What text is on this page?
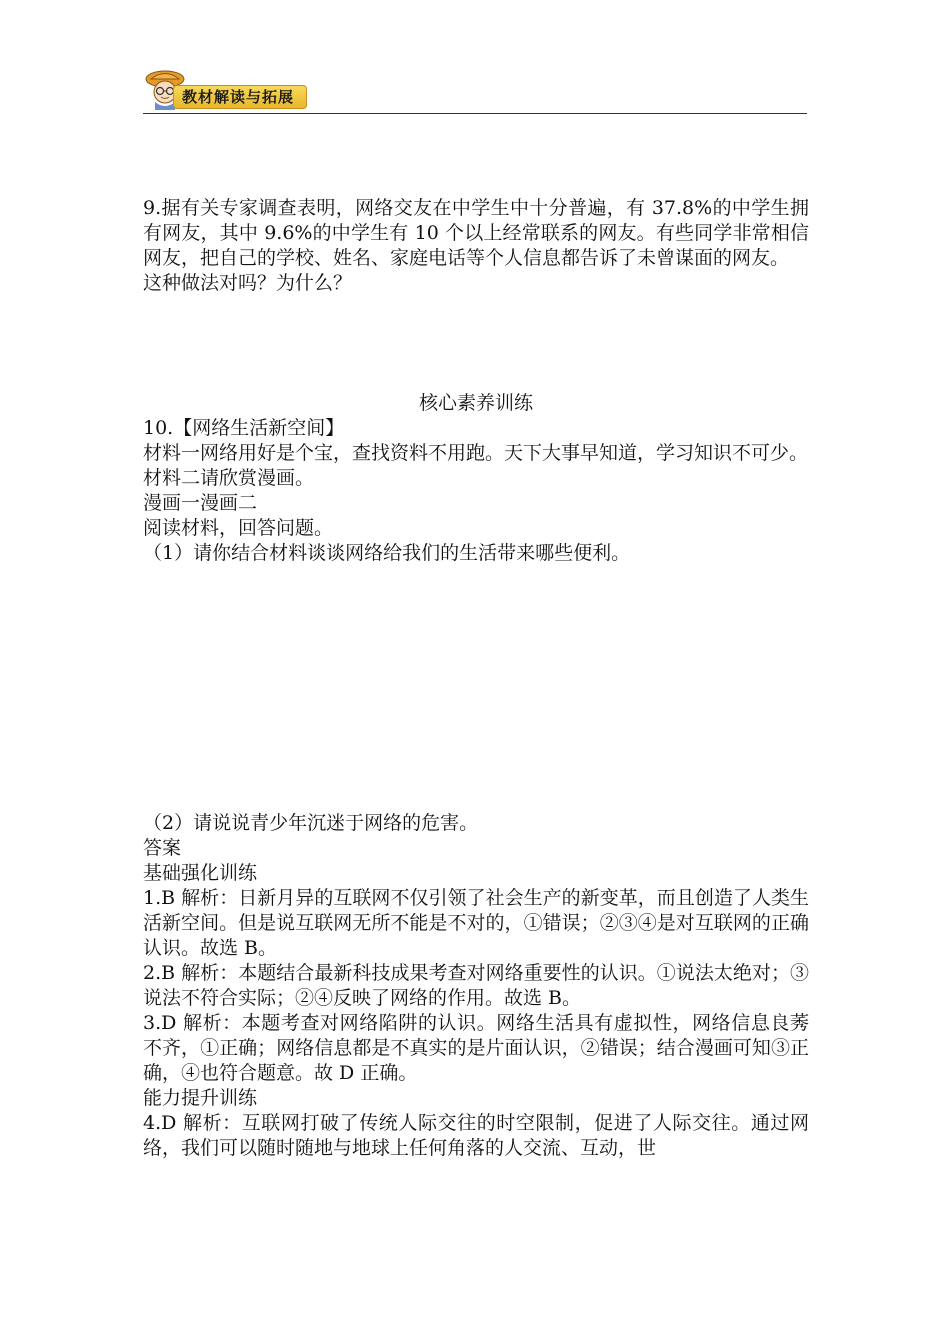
教材解读与拓展

9.据有关专家调查表明，网络交友在中学生中十分普遍，有 37.8%的中学生拥有网友，其中 9.6%的中学生有 10 个以上经常联系的网友。有些同学非常相信网友，把自己的学校、姓名、家庭电话等个人信息都告诉了未曾谋面的网友。

这种做法对吗？为什么？

核心素养训练

10.【网络生活新空间】

材料一网络用好是个宝，查找资料不用跑。天下大事早知道，学习知识不可少。

材料二请欣赏漫画。

漫画一漫画二

阅读材料，回答问题。

（1）请你结合材料谈谈网络给我们的生活带来哪些便利。

（2）请说说青少年沉迷于网络的危害。

答案

基础强化训练

1.B 解析：日新月异的互联网不仅引领了社会生产的新变革，而且创造了人类生活新空间。但是说互联网无所不能是不对的，①错误；②③④是对互联网的正确认识。故选 B。

2.B 解析：本题结合最新科技成果考查对网络重要性的认识。①说法太绝对；③说法不符合实际；②④反映了网络的作用。故选 B。

3.D 解析：本题考查对网络陷阱的认识。网络生活具有虚拟性，网络信息良莠不齐，①正确；网络信息都是不真实的是片面认识，②错误；结合漫画可知③正确，④也符合题意。故 D 正确。

能力提升训练

4.D 解析：互联网打破了传统人际交往的时空限制，促进了人际交往。通过网络，我们可以随时随地与地球上任何角落的人交流、互动，世
